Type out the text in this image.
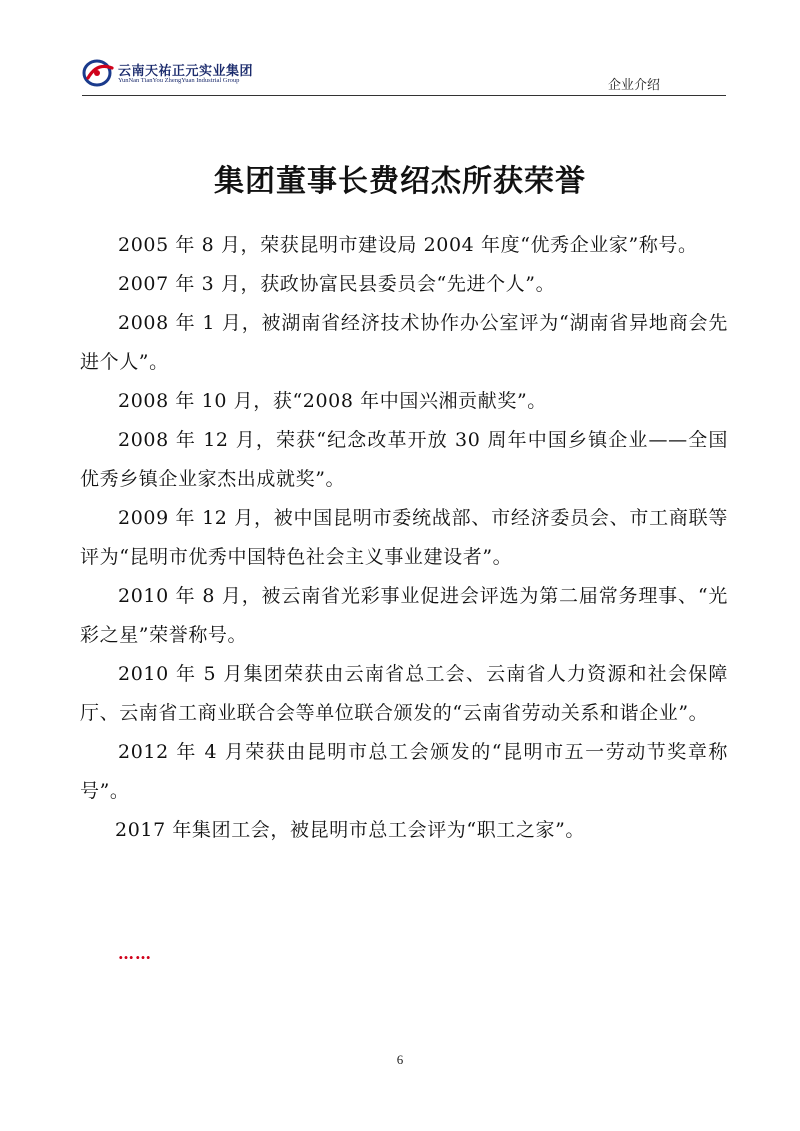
云南天祐正元实业集团
YunNan TianYou ZhengYuan Industrial Group	企业介绍
集团董事长费绍杰所获荣誉

2005 年 8 月，荣获昆明市建设局 2004 年度“优秀企业家”称号。

2007 年 3 月，获政协富民县委员会“先进个人”。

2008 年 1 月，被湖南省经济技术协作办公室评为“湖南省异地商会先进个人”。

2008 年 10 月，获“2008 年中国兴湘贡献奖”。

2008 年 12 月，荣获“纪念改革开放 30 周年中国乡镇企业——全国优秀乡镇企业家杰出成就奖”。

2009 年 12 月，被中国昆明市委统战部、市经济委员会、市工商联等评为“昆明市优秀中国特色社会主义事业建设者”。

2010 年 8 月，被云南省光彩事业促进会评选为第二届常务理事、“光彩之星”荣誉称号。

2010 年 5 月集团荣获由云南省总工会、云南省人力资源和社会保障厅、云南省工商业联合会等单位联合颁发的“云南省劳动关系和谐企业”。

2012 年 4 月荣获由昆明市总工会颁发的“昆明市五一劳动节奖章称号”。

2017 年集团工会，被昆明市总工会评为“职工之家”。

……
6
